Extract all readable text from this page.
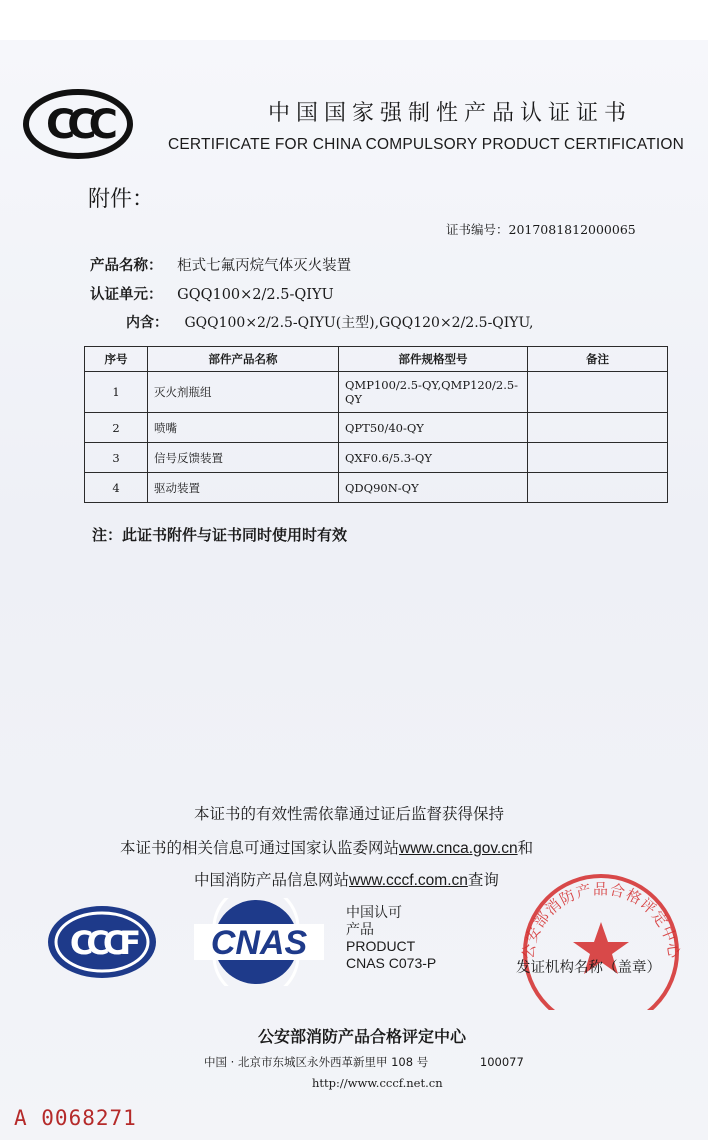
CCC	中国国家强制性产品认证证书
CERTIFICATE FOR CHINA COMPULSORY PRODUCT CERTIFICATION
附件：
证书编号：2017081812000065
产品名称： 柜式七氟丙烷气体灭火装置
认证单元： GQQ100×2/2.5-QIYU
内含： GQQ100×2/2.5-QIYU(主型),GQQ120×2/2.5-QIYU,
序号	部件产品名称	部件规格型号	备注
1	灭火剂瓶组	QMP100/2.5-QY,QMP120/2.5-QY	
2	喷嘴	QPT50/40-QY	
3	信号反馈装置	QXF0.6/5.3-QY	
4	驱动装置	QDQ90N-QY	
注：此证书附件与证书同时使用时有效
本证书的有效性需依靠通过证后监督获得保持
本证书的相关信息可通过国家认监委网站www.cnca.gov.cn和
中国消防产品信息网站www.cccf.com.cn查询
CCCF CNAS
中国认可
产品
PRODUCT
CNAS C073-P
公安部消防产品合格评定中心
发证机构名称（盖章）
公安部消防产品合格评定中心
中国 · 北京市东城区永外西革新里甲 108 号	100077
http://www.cccf.net.cn
A 0068271
